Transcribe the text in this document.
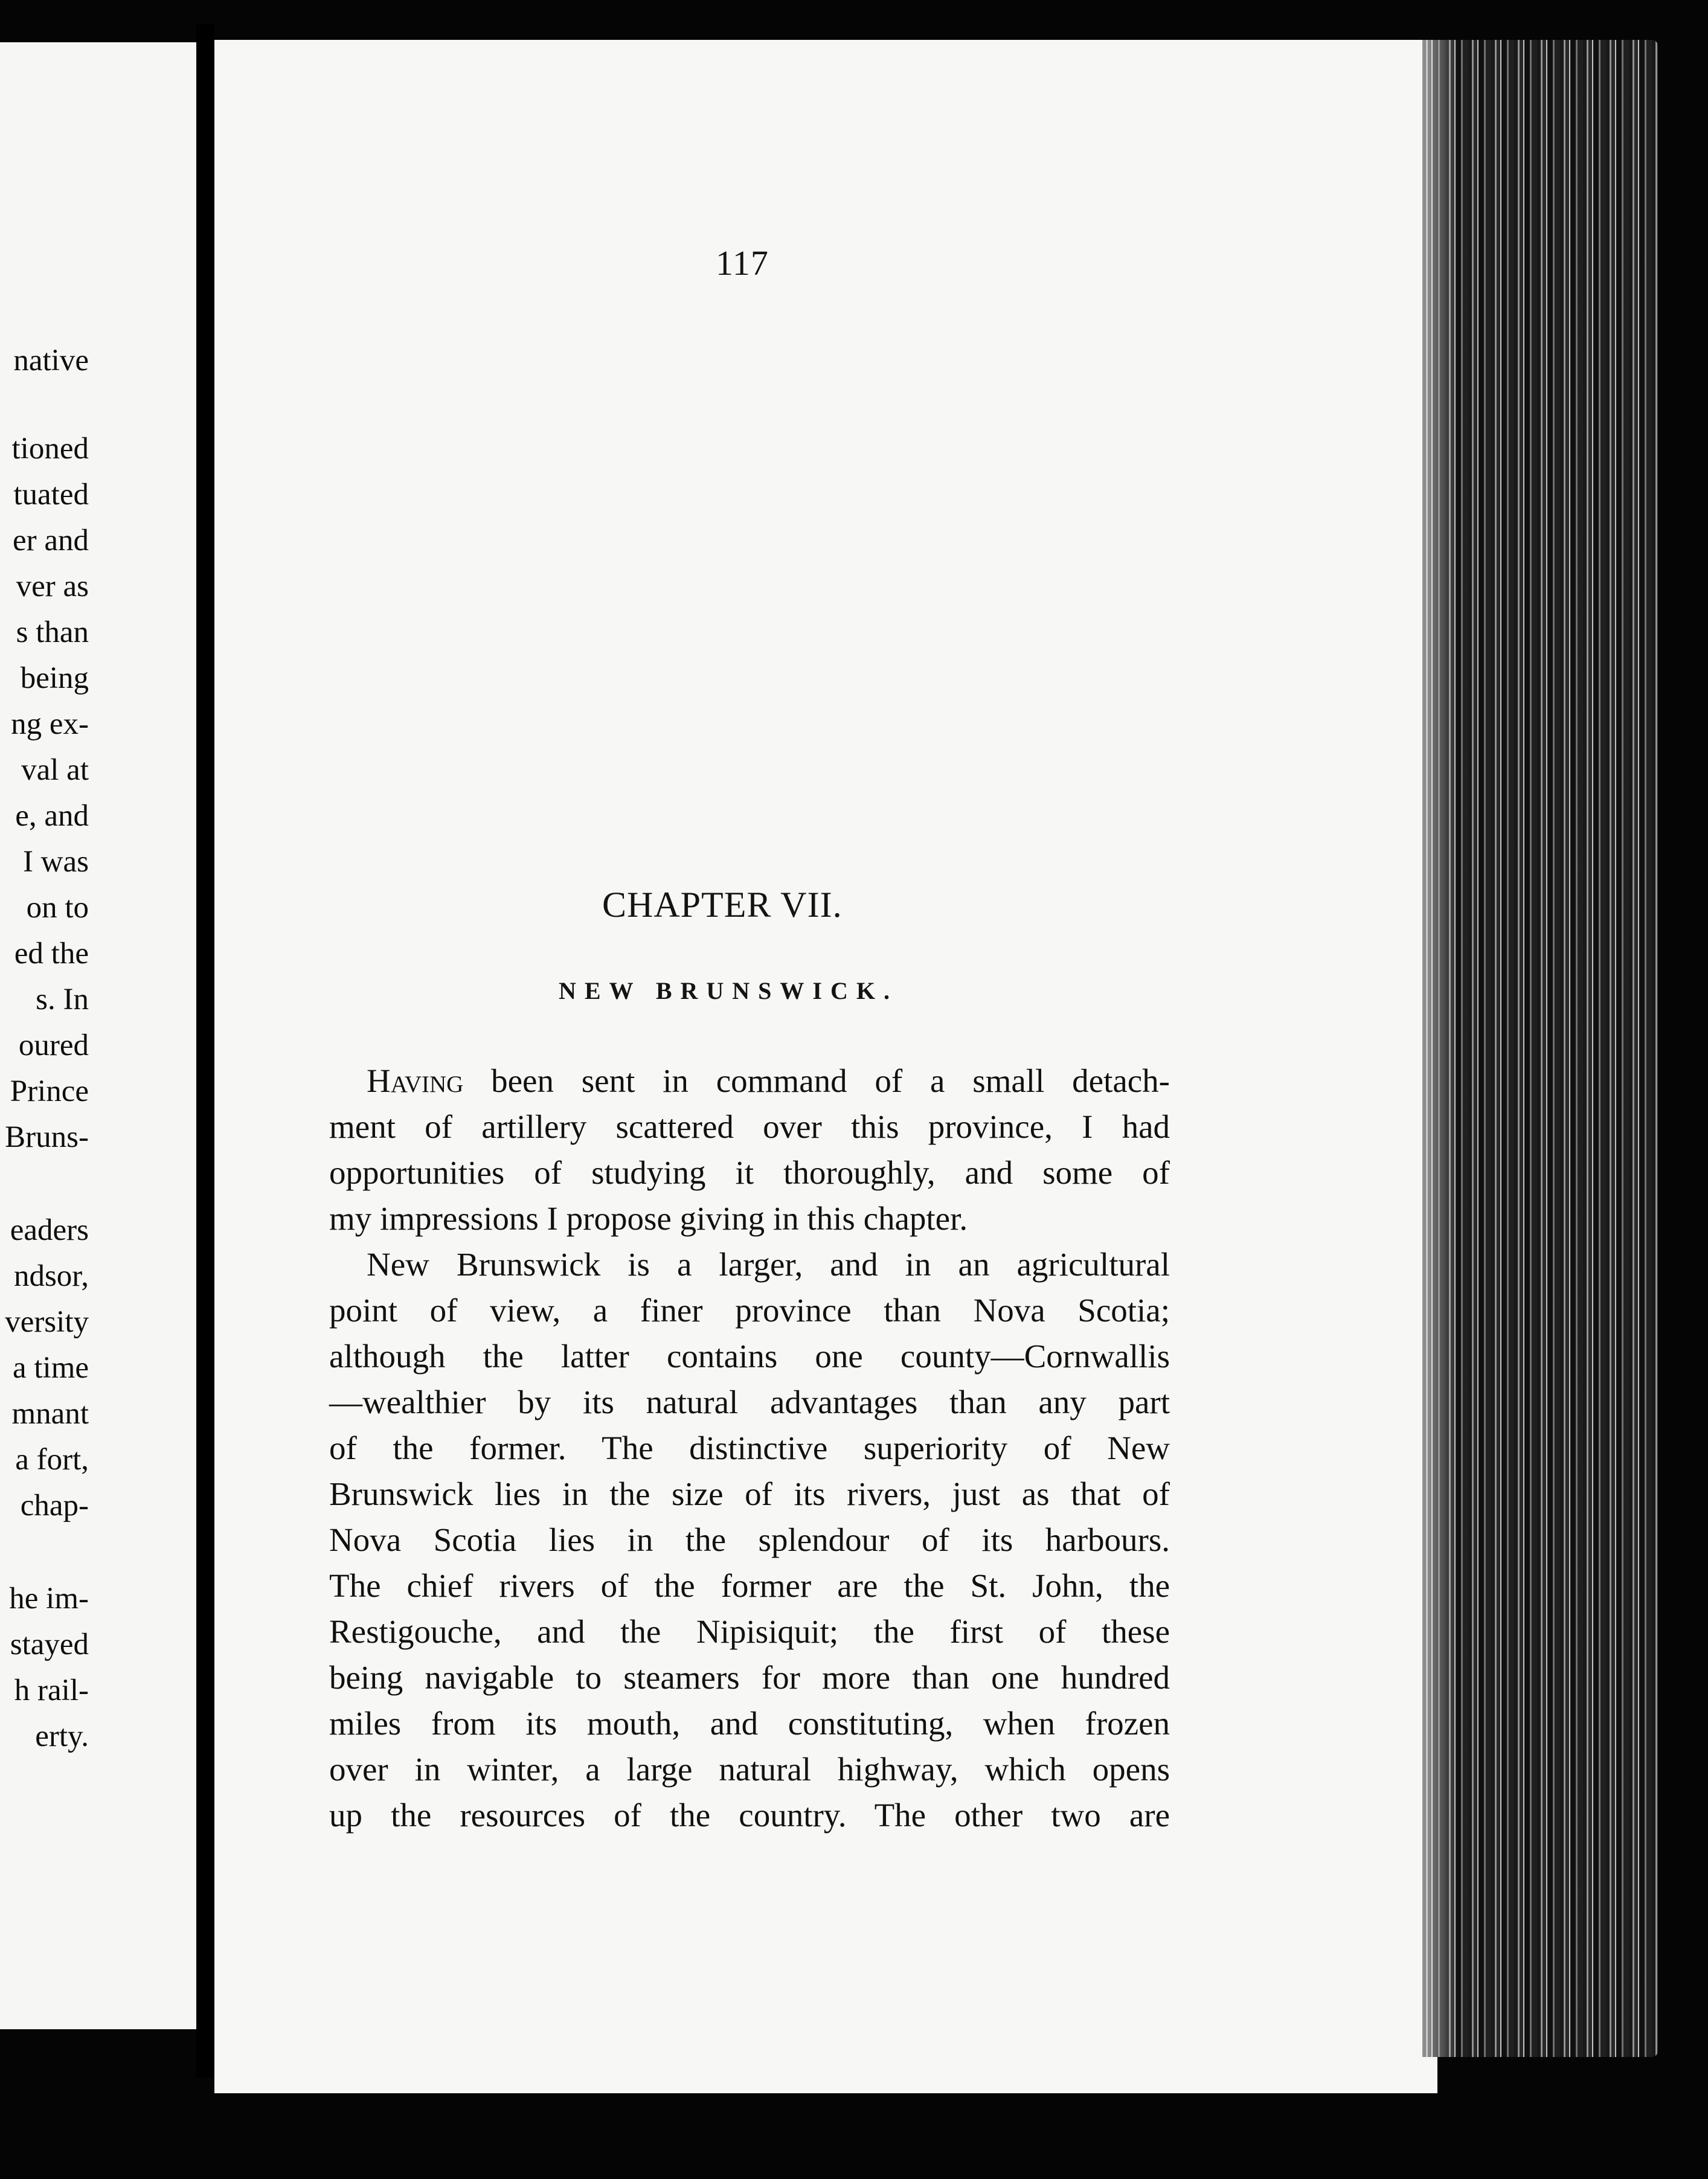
native
tioned
tuated
er and
ver as
s than
being
ng ex-
val at
e, and
I was
on to
ed the
s. In
oured
Prince
Bruns-
eaders
ndsor,
versity
a time
mnant
a fort,
chap-
he im-
stayed
h rail-
erty.
117
CHAPTER VII.
NEW BRUNSWICK.
Having been sent in command of a small detach-
ment of artillery scattered over this province, I had
opportunities of studying it thoroughly, and some of
my impressions I propose giving in this chapter.
New Brunswick is a larger, and in an agricultural
point of view, a finer province than Nova Scotia;
although the latter contains one county—Cornwallis
—wealthier by its natural advantages than any part
of the former. The distinctive superiority of New
Brunswick lies in the size of its rivers, just as that of
Nova Scotia lies in the splendour of its harbours.
The chief rivers of the former are the St. John, the
Restigouche, and the Nipisiquit; the first of these
being navigable to steamers for more than one hundred
miles from its mouth, and constituting, when frozen
over in winter, a large natural highway, which opens
up the resources of the country. The other two are
